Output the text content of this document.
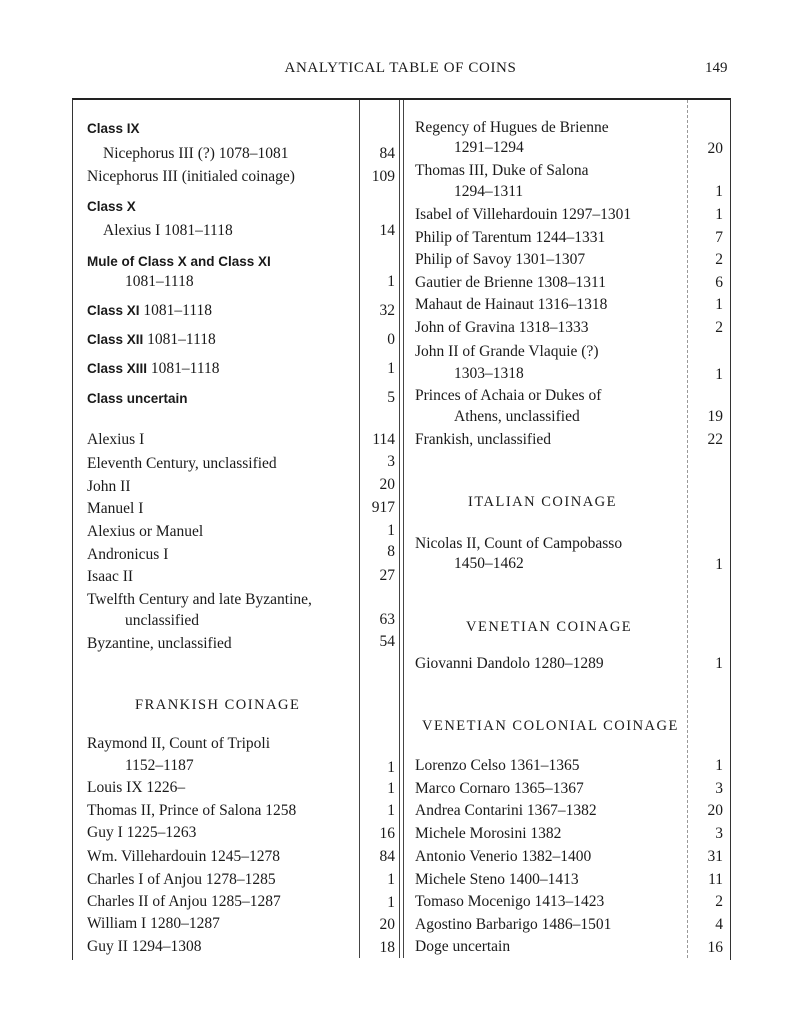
ANALYTICAL TABLE OF COINS	149
Class IX
Nicephorus III (?) 1078–1081	84
Nicephorus III (initialed coinage)	109
Class X
Alexius I 1081–1118	14
Mule of Class X and Class XI
1081–1118	1
Class XI 1081–1118	32
Class XII 1081–1118	0
Class XIII 1081–1118	1
Class uncertain	5
Alexius I	114
Eleventh Century, unclassified	3
John II	20
Manuel I	917
Alexius or Manuel	1
Andronicus I	8
Isaac II	27
Twelfth Century and late Byzantine,
unclassified	63
Byzantine, unclassified	54
FRANKISH COINAGE
Raymond II, Count of Tripoli
1152–1187	1
Louis IX 1226–	1
Thomas II, Prince of Salona 1258	1
Guy I 1225–1263	16
Wm. Villehardouin 1245–1278	84
Charles I of Anjou 1278–1285	1
Charles II of Anjou 1285–1287	1
William I 1280–1287	20
Guy II 1294–1308	18
Regency of Hugues de Brienne
1291–1294	20
Thomas III, Duke of Salona
1294–1311	1
Isabel of Villehardouin 1297–1301	1
Philip of Tarentum 1244–1331	7
Philip of Savoy 1301–1307	2
Gautier de Brienne 1308–1311	6
Mahaut de Hainaut 1316–1318	1
John of Gravina 1318–1333	2
John II of Grande Vlaquie (?)
1303–1318	1
Princes of Achaia or Dukes of
Athens, unclassified	19
Frankish, unclassified	22
ITALIAN COINAGE
Nicolas II, Count of Campobasso
1450–1462	1
VENETIAN COINAGE
Giovanni Dandolo 1280–1289	1
VENETIAN COLONIAL COINAGE
Lorenzo Celso 1361–1365	1
Marco Cornaro 1365–1367	3
Andrea Contarini 1367–1382	20
Michele Morosini 1382	3
Antonio Venerio 1382–1400	31
Michele Steno 1400–1413	11
Tomaso Mocenigo 1413–1423	2
Agostino Barbarigo 1486–1501	4
Doge uncertain	16
